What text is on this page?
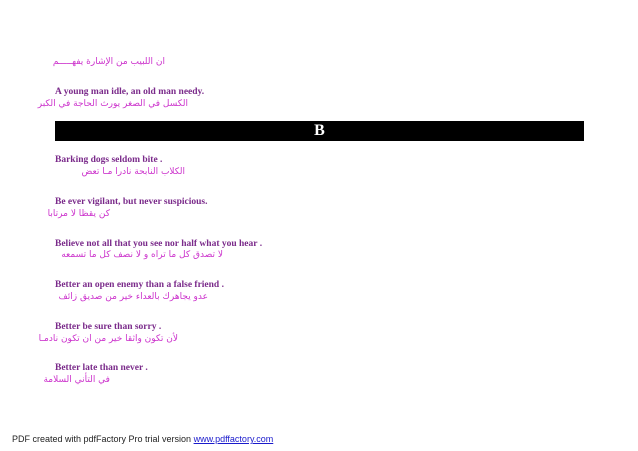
ان اللبيب من الإشارة يفهـــــم
A young man idle, an old man needy.
الكسل في الصغر يورث الحاجة في الكبر
B
Barking dogs seldom bite .
الكلاب النابحة نادرا مـا تعض
Be ever vigilant, but never suspicious.
كن يقظا لا مرتابا
Believe not all that you see nor half what you hear .
لا تصدق كل ما تراه و لا نصف كل ما تسمعه
Better an open enemy than a false friend .
عدو يجاهرك بالعداء خير من صديق زائف
Better be sure than sorry .
لأن تكون واثقا خير من ان تكون نادمـا
Better late than never .
في التأني السلامة
PDF created with pdfFactory Pro trial version www.pdffactory.com
